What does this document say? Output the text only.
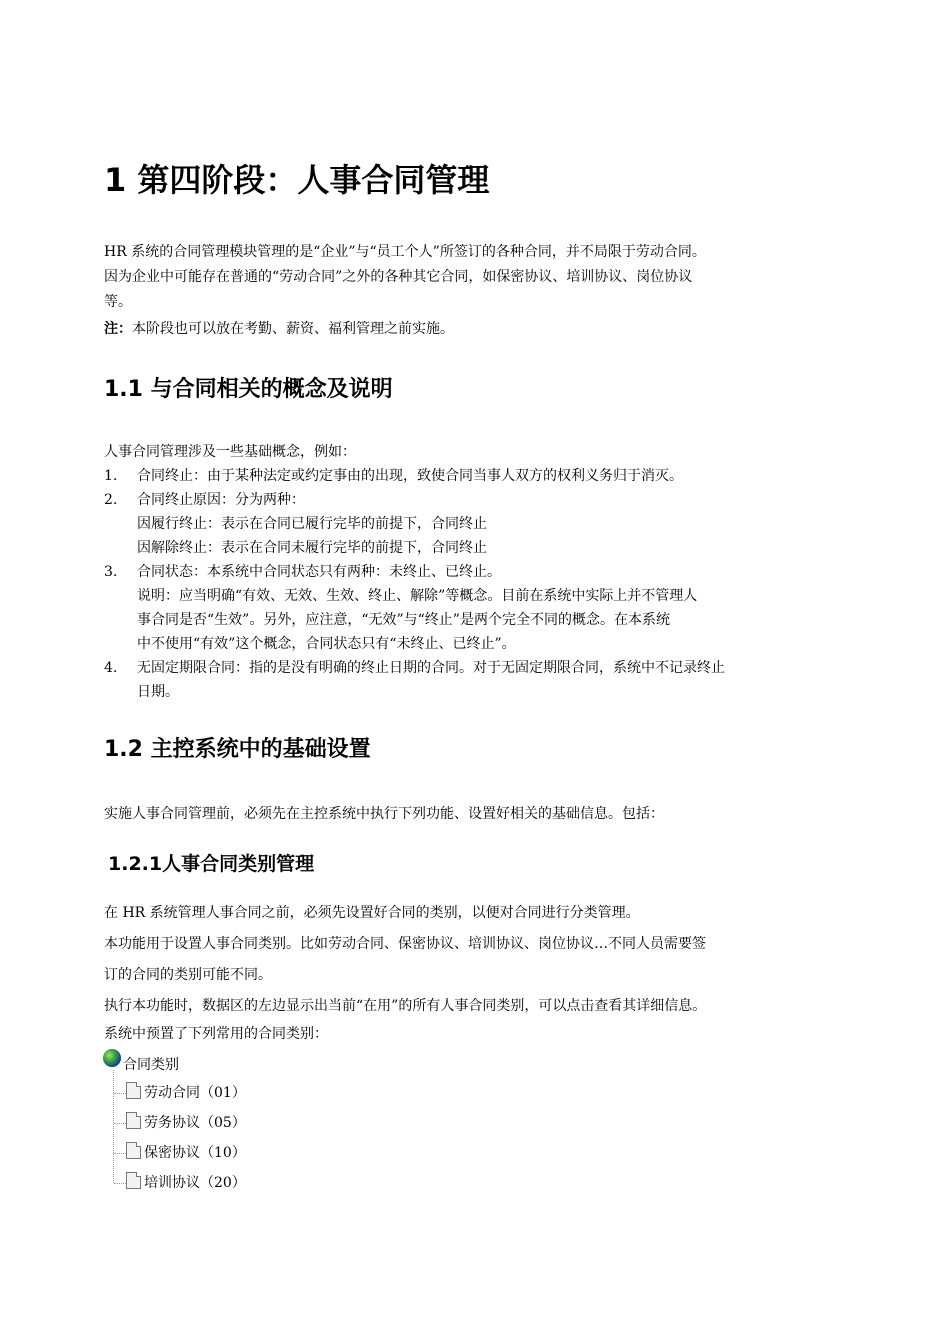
1 第四阶段：人事合同管理
HR 系统的合同管理模块管理的是“企业”与“员工个人”所签订的各种合同，并不局限于劳动合同。
因为企业中可能存在普通的“劳动合同”之外的各种其它合同，如保密协议、培训协议、岗位协议
等。
注：本阶段也可以放在考勤、薪资、福利管理之前实施。
1.1 与合同相关的概念及说明
人事合同管理涉及一些基础概念，例如：
1. 合同终止：由于某种法定或约定事由的出现，致使合同当事人双方的权利义务归于消灭。
2. 合同终止原因：分为两种：
因履行终止：表示在合同已履行完毕的前提下，合同终止
因解除终止：表示在合同未履行完毕的前提下，合同终止
3. 合同状态：本系统中合同状态只有两种：未终止、已终止。
说明：应当明确“有效、无效、生效、终止、解除”等概念。目前在系统中实际上并不管理人
事合同是否“生效”。另外，应注意，“无效”与“终止”是两个完全不同的概念。在本系统
中不使用“有效”这个概念，合同状态只有“未终止、已终止”。
4. 无固定期限合同：指的是没有明确的终止日期的合同。对于无固定期限合同，系统中不记录终止
日期。
1.2 主控系统中的基础设置
实施人事合同管理前，必须先在主控系统中执行下列功能、设置好相关的基础信息。包括：
1.2.1人事合同类别管理
在 HR 系统管理人事合同之前，必须先设置好合同的类别，以便对合同进行分类管理。
本功能用于设置人事合同类别。比如劳动合同、保密协议、培训协议、岗位协议…不同人员需要签
订的合同的类别可能不同。
执行本功能时，数据区的左边显示出当前“在用”的所有人事合同类别，可以点击查看其详细信息。
系统中预置了下列常用的合同类别：
合同类别
劳动合同（01）
劳务协议（05）
保密协议（10）
培训协议（20）
